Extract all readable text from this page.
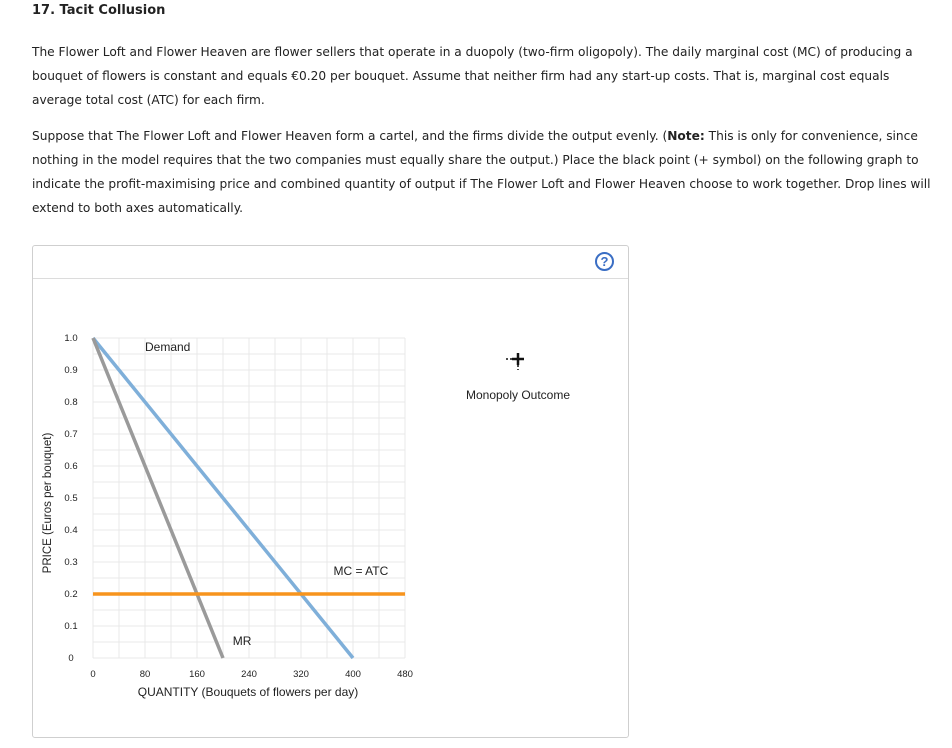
17. Tacit Collusion
The Flower Loft and Flower Heaven are flower sellers that operate in a duopoly (two-firm oligopoly). The daily marginal cost (MC) of producing a bouquet of flowers is constant and equals €0.20 per bouquet. Assume that neither firm had any start-up costs. That is, marginal cost equals average total cost (ATC) for each firm.
Suppose that The Flower Loft and Flower Heaven form a cartel, and the firms divide the output evenly. (Note: This is only for convenience, since nothing in the model requires that the two companies must equally share the output.) Place the black point (+ symbol) on the following graph to indicate the profit-maximising price and combined quantity of output if The Flower Loft and Flower Heaven choose to work together. Drop lines will extend to both axes automatically.
?
0
0.1
0.2
0.3
0.4
0.5
0.6
0.7
0.8
0.9
1.0
0	80	160	240	320	400	480
Demand
MR
MC = ATC
PRICE (Euros per bouquet)
QUANTITY (Bouquets of flowers per day)
Monopoly Outcome
